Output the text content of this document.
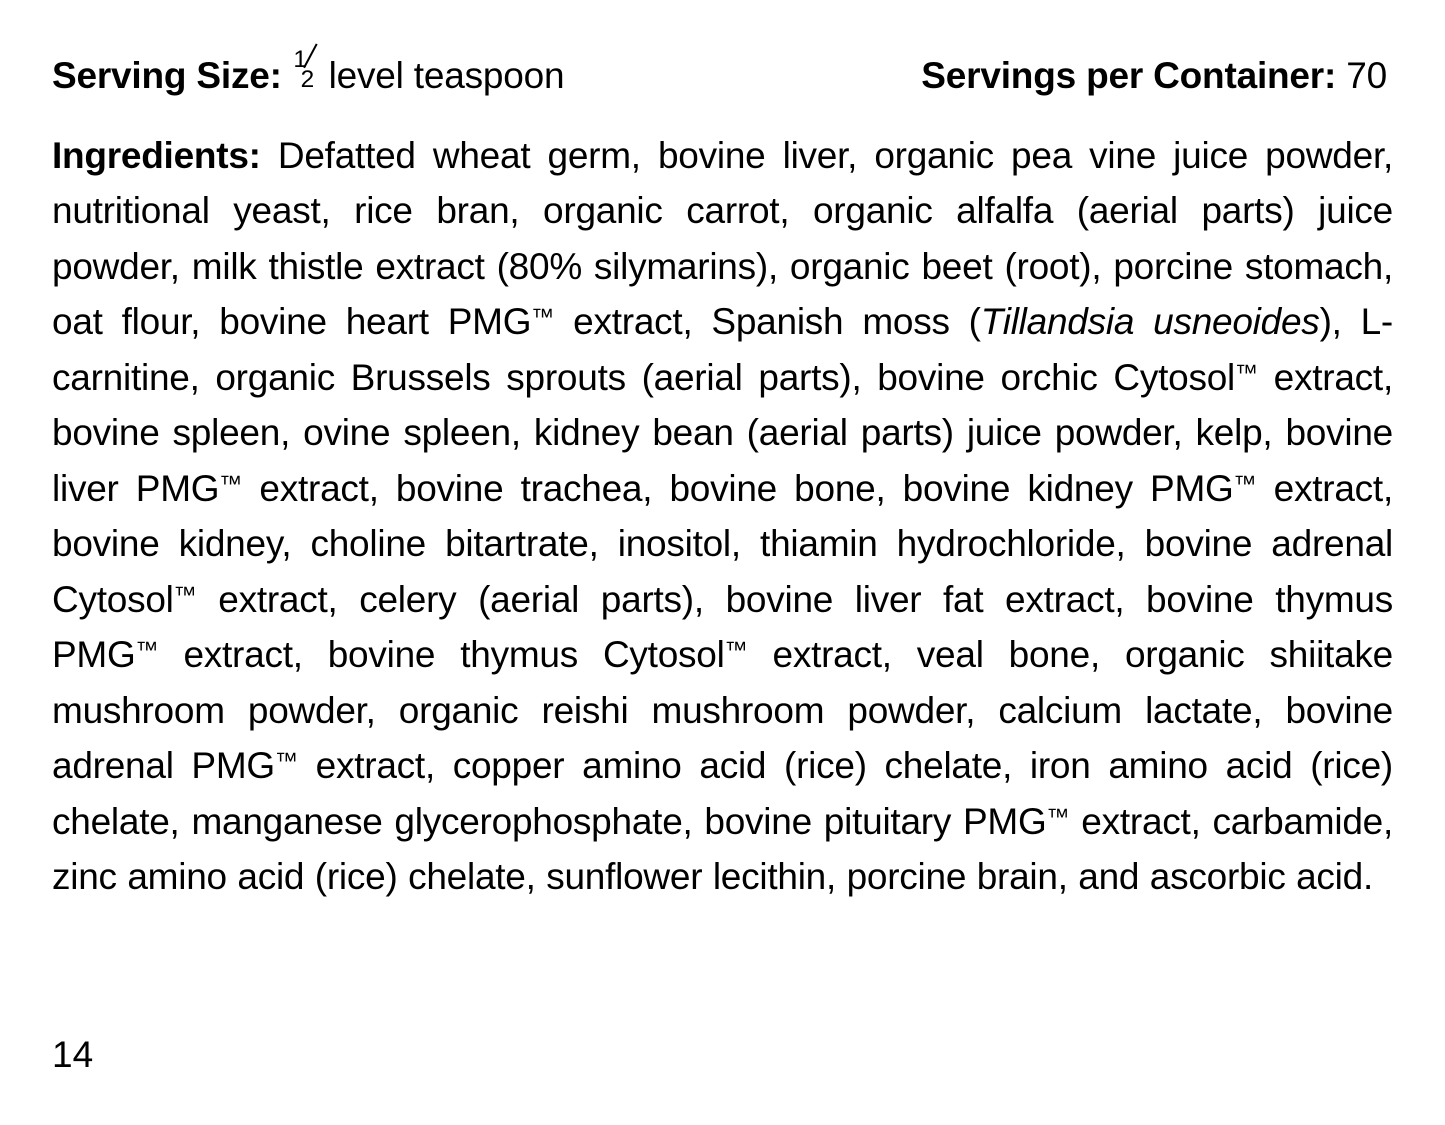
Serving Size: 1
2 level teaspoon	Servings per Container: 70
Ingredients: Defatted wheat germ, bovine liver, organic pea vine juice powder, nutritional yeast, rice bran, organic carrot, organic alfalfa (aerial parts) juice powder, milk thistle extract (80% silymarins), organic beet (root), porcine stomach, oat flour, bovine heart PMG™ extract, Spanish moss (Tillandsia usneoides), L-carnitine, organic Brussels sprouts (aerial parts), bovine orchic Cytosol™ extract, bovine spleen, ovine spleen, kidney bean (aerial parts) juice powder, kelp, bovine liver PMG™ extract, bovine trachea, bovine bone, bovine kidney PMG™ extract, bovine kidney, choline bitartrate, inositol, thiamin hydrochloride, bovine adrenal Cytosol™ extract, celery (aerial parts), bovine liver fat extract, bovine thymus PMG™ extract, bovine thymus Cytosol™ extract, veal bone, organic shiitake mushroom powder, organic reishi mushroom powder, calcium lactate, bovine adrenal PMG™ extract, copper amino acid (rice) chelate, iron amino acid (rice) chelate, manganese glycerophosphate, bovine pituitary PMG™ extract, carbamide, zinc amino acid (rice) chelate, sunflower lecithin, porcine brain, and ascorbic acid.
14
